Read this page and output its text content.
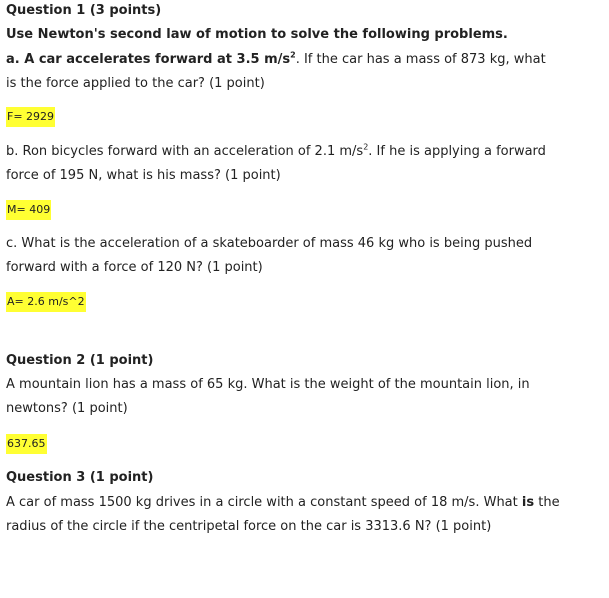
Question 1 (3 points)
Use Newton's second law of motion to solve the following problems.
a. A car accelerates forward at 3.5 $m/s^2$. If the car has a mass of 873 kg, what
is the force applied to the car? (1 point)
F= 2929
b. Ron bicycles forward with an acceleration of 2.1 $m/s^2$. If he is applying a forward
force of 195 N, what is his mass? (1 point)
M= 409
c. What is the acceleration of a skateboarder of mass 46 kg who is being pushed
forward with a force of 120 N? (1 point)
A= 2.6 m/s^2
Question 2 (1 point)
A mountain lion has a mass of 65 kg. What is the weight of the mountain lion, in
newtons? (1 point)
637.65
Question 3 (1 point)
A car of mass 1500 kg drives in a circle with a constant speed of 18 m/s. What is the
radius of the circle if the centripetal force on the car is 3313.6 N? (1 point)
